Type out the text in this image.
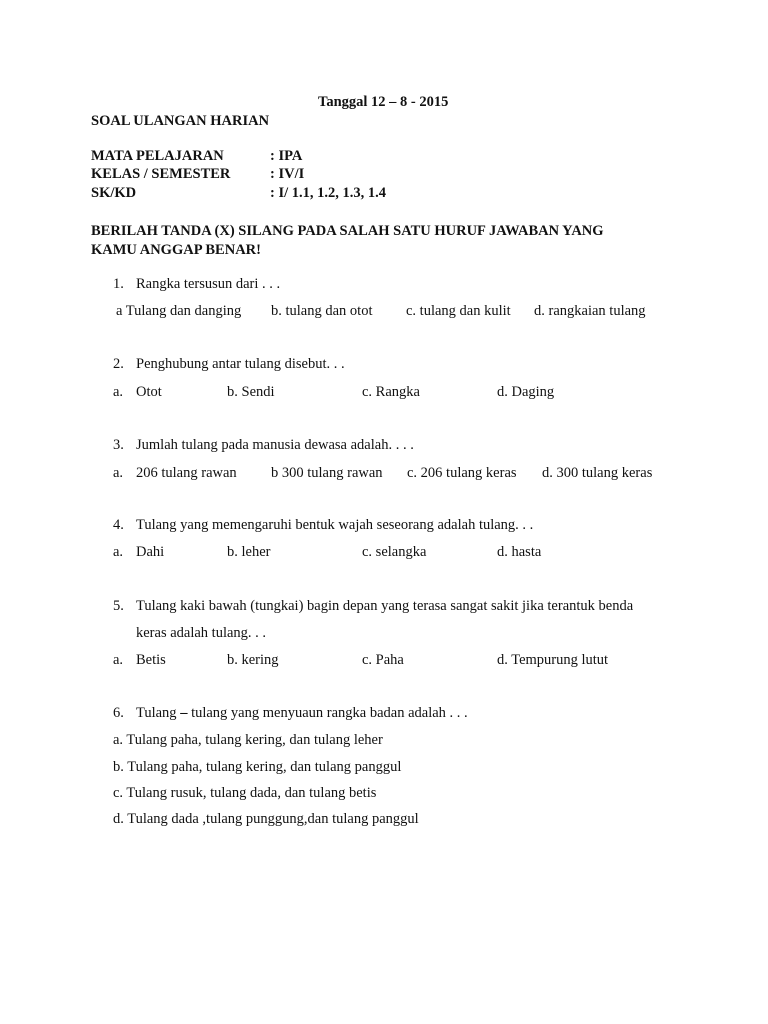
Tanggal 12 – 8 - 2015
SOAL ULANGAN HARIAN
MATA PELAJARAN	: IPA
KELAS / SEMESTER	: IV/I
SK/KD	: I/ 1.1, 1.2, 1.3, 1.4
BERILAH TANDA (X) SILANG PADA SALAH SATU HURUF JAWABAN YANG
KAMU ANGGAP BENAR!
1. Rangka tersusun dari . . .
a Tulang dan danging b. tulang dan otot c. tulang dan kulit d. rangkaian tulang
2. Penghubung antar tulang disebut. . .
a. Otot	b. Sendi	c. Rangka	d. Daging
3. Jumlah tulang pada manusia dewasa adalah. . . .
a. 206 tulang rawan b 300 tulang rawan c. 206 tulang keras d. 300 tulang keras
4. Tulang yang memengaruhi bentuk wajah seseorang adalah tulang. . .
a. Dahi	b. leher	c. selangka	d. hasta
5. Tulang kaki bawah (tungkai) bagin depan yang terasa sangat sakit jika terantuk benda
keras adalah tulang. . .
a. Betis	b. kering	c. Paha	d. Tempurung lutut
6. Tulang – tulang yang menyuaun rangka badan adalah . . .
a. Tulang paha, tulang kering, dan tulang leher
b. Tulang paha, tulang kering, dan tulang panggul
c. Tulang rusuk, tulang dada, dan tulang betis
d. Tulang dada ,tulang punggung,dan tulang panggul
